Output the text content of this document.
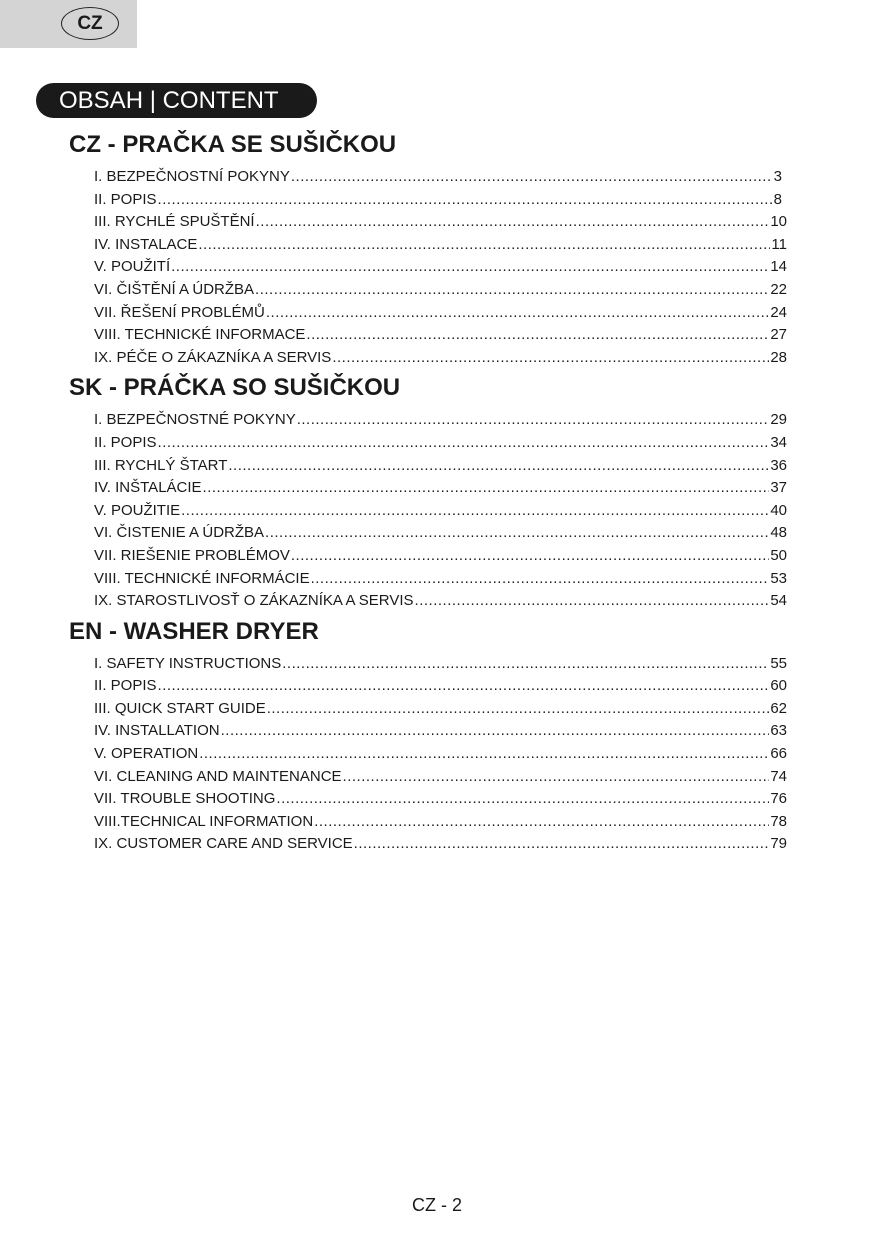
CZ
OBSAH | CONTENT
CZ - PRAČKA SE SUŠIČKOU
I. BEZPEČNOSTNÍ POKYNY .....	3
II. POPIS .....	8
III. RYCHLÉ SPUŠTĚNÍ .....	10
IV. INSTALACE .....	11
V. POUŽITÍ .....	14
VI. ČIŠTĚNÍ A ÚDRŽBA .....	22
VII. ŘEŠENÍ PROBLÉMŮ .....	24
VIII. TECHNICKÉ INFORMACE .....	27
IX. PÉČE O ZÁKAZNÍKA A SERVIS .....	28
SK - PRÁČKA SO SUŠIČKOU
I. BEZPEČNOSTNÉ POKYNY .....	29
II. POPIS .....	34
III. RYCHLÝ ŠTART .....	36
IV. INŠTALÁCIE .....	37
V. POUŽITIE .....	40
VI. ČISTENIE A ÚDRŽBA .....	48
VII. RIEŠENIE PROBLÉMOV .....	50
VIII. TECHNICKÉ INFORMÁCIE .....	53
IX. STAROSTLIVOSŤ O ZÁKAZNÍKA A SERVIS .....	54
EN - WASHER DRYER
I. SAFETY INSTRUCTIONS .....	55
II. POPIS .....	60
III. QUICK START GUIDE .....	62
IV. INSTALLATION .....	63
V. OPERATION .....	66
VI. CLEANING AND MAINTENANCE .....	74
VII. TROUBLE SHOOTING .....	76
VIII.TECHNICAL INFORMATION .....	78
IX. CUSTOMER CARE AND SERVICE .....	79
CZ - 2
